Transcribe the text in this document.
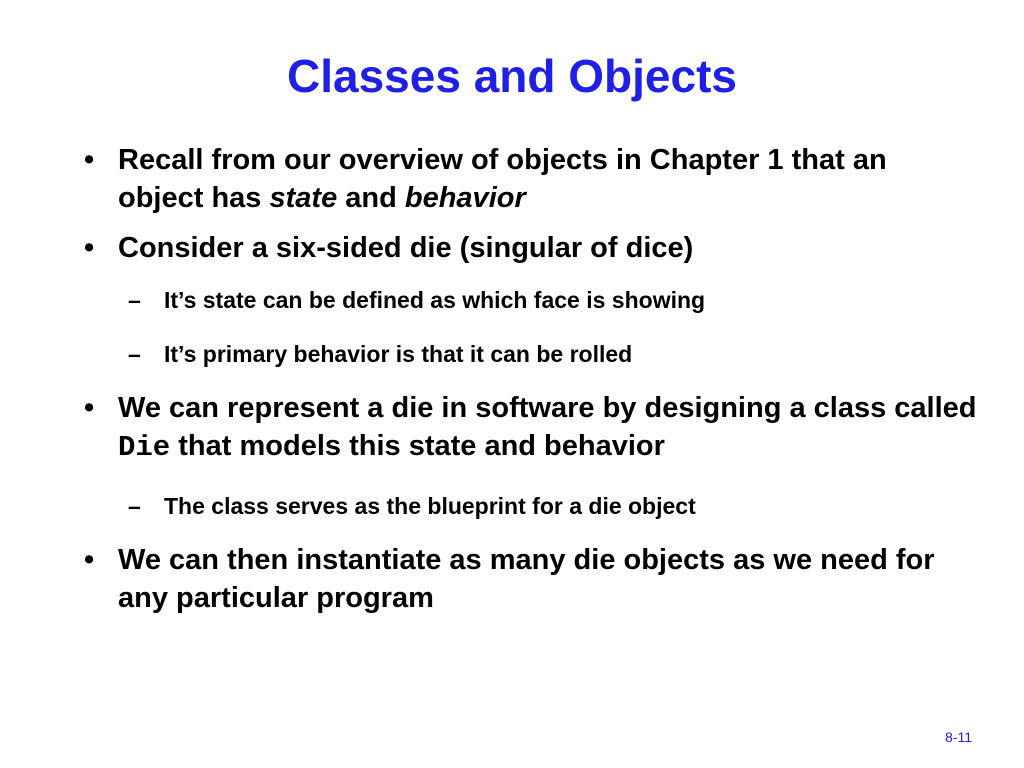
Classes and Objects
• Recall from our overview of objects in Chapter 1 that an object has state and behavior
• Consider a six-sided die (singular of dice)
– It’s state can be defined as which face is showing
– It’s primary behavior is that it can be rolled
• We can represent a die in software by designing a class called Die that models this state and behavior
– The class serves as the blueprint for a die object
• We can then instantiate as many die objects as we need for any particular program
8-11
